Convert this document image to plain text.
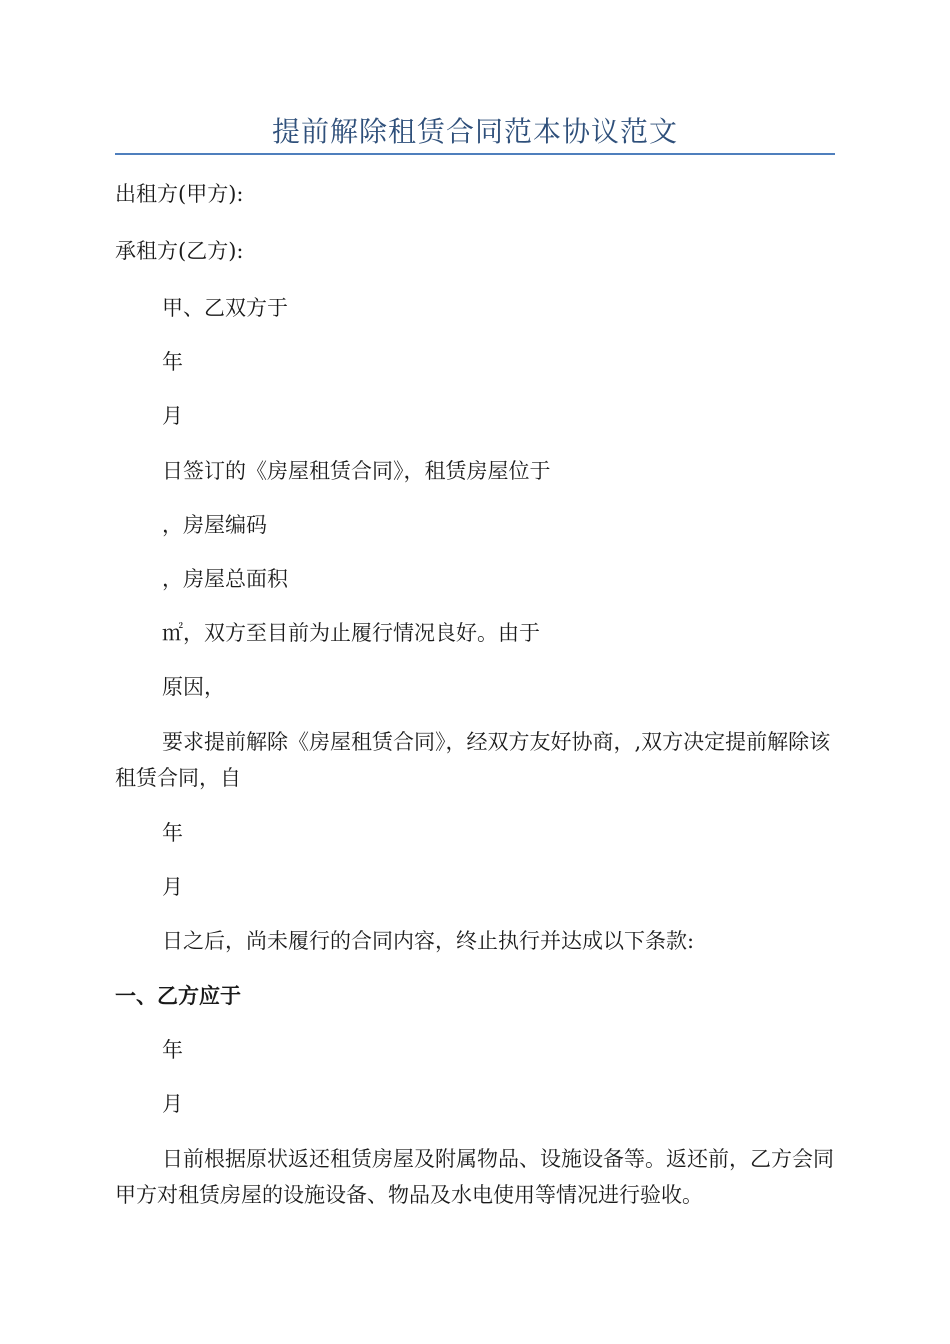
提前解除租赁合同范本协议范文
出租方(甲方):
承租方(乙方):
甲、乙双方于
年
月
日签订的《房屋租赁合同》，租赁房屋位于
，房屋编码
，房屋总面积
㎡，双方至目前为止履行情况良好。由于
原因，
要求提前解除《房屋租赁合同》，经双方友好协商，,双方决定提前解除该租赁合同，自
年
月
日之后，尚未履行的合同内容，终止执行并达成以下条款:
一、乙方应于
年
月
日前根据原状返还租赁房屋及附属物品、设施设备等。返还前，乙方会同甲方对租赁房屋的设施设备、物品及水电使用等情况进行验收。
